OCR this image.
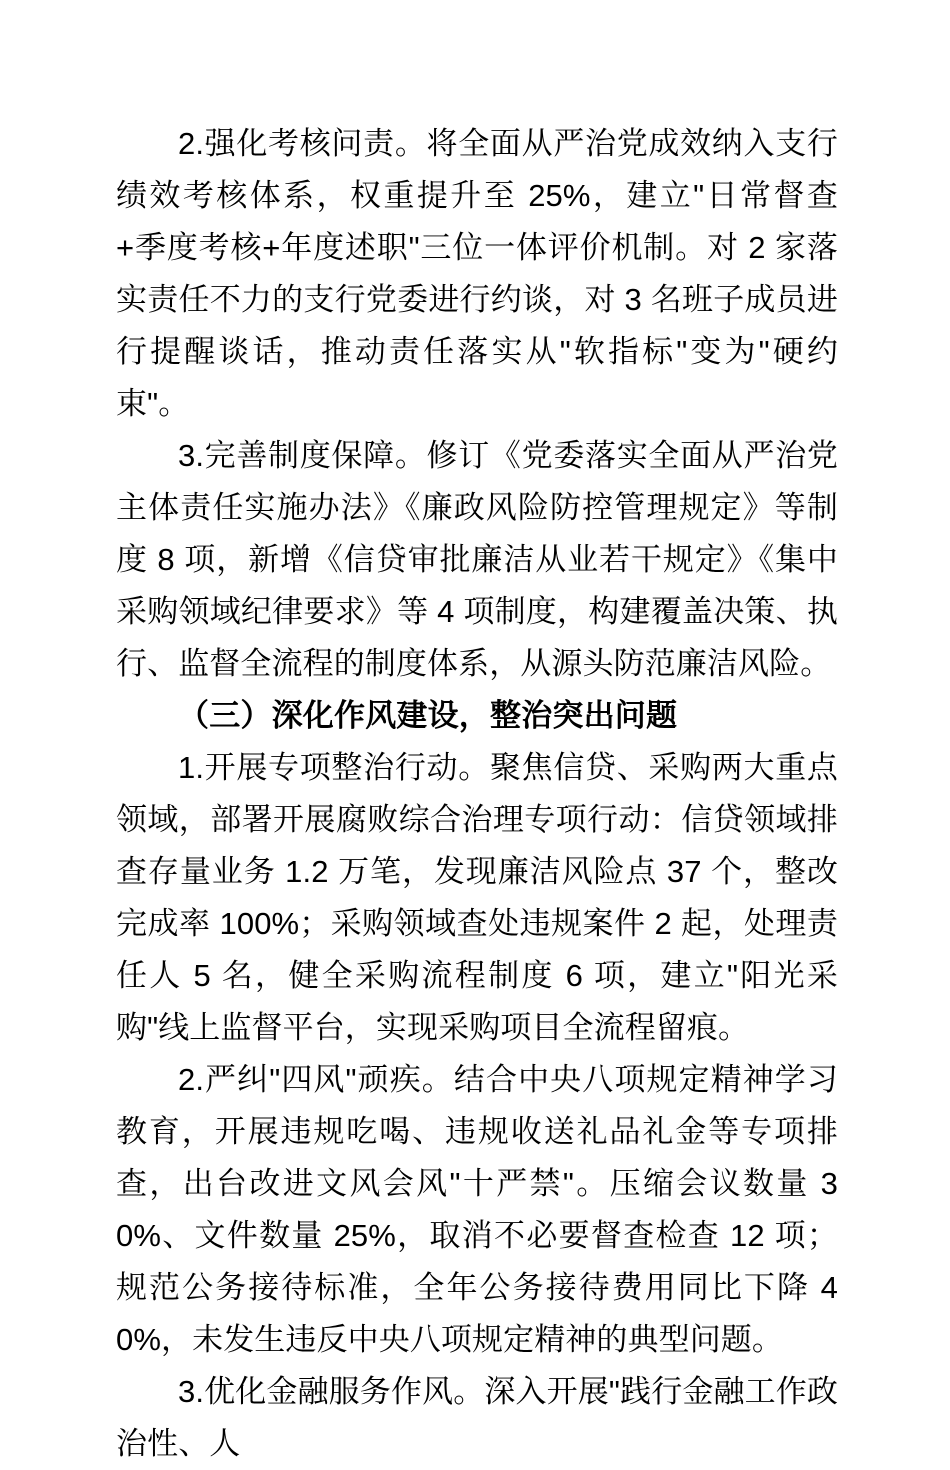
2.强化考核问责。将全面从严治党成效纳入支行绩效考核体系，权重提升至 25%，建立"日常督查+季度考核+年度述职"三位一体评价机制。对 2 家落实责任不力的支行党委进行约谈，对 3 名班子成员进行提醒谈话，推动责任落实从"软指标"变为"硬约束"。

3.完善制度保障。修订《党委落实全面从严治党主体责任实施办法》《廉政风险防控管理规定》等制度 8 项，新增《信贷审批廉洁从业若干规定》《集中采购领域纪律要求》等 4 项制度，构建覆盖决策、执行、监督全流程的制度体系，从源头防范廉洁风险。

（三）深化作风建设，整治突出问题

1.开展专项整治行动。聚焦信贷、采购两大重点领域，部署开展腐败综合治理专项行动：信贷领域排查存量业务 1.2 万笔，发现廉洁风险点 37 个，整改完成率 100%；采购领域查处违规案件 2 起，处理责任人 5 名，健全采购流程制度 6 项，建立"阳光采购"线上监督平台，实现采购项目全流程留痕。

2.严纠"四风"顽疾。结合中央八项规定精神学习教育，开展违规吃喝、违规收送礼品礼金等专项排查，出台改进文风会风"十严禁"。压缩会议数量 30%、文件数量 25%，取消不必要督查检查 12 项；规范公务接待标准，全年公务接待费用同比下降 40%，未发生违反中央八项规定精神的典型问题。

3.优化金融服务作风。深入开展"践行金融工作政治性、人
